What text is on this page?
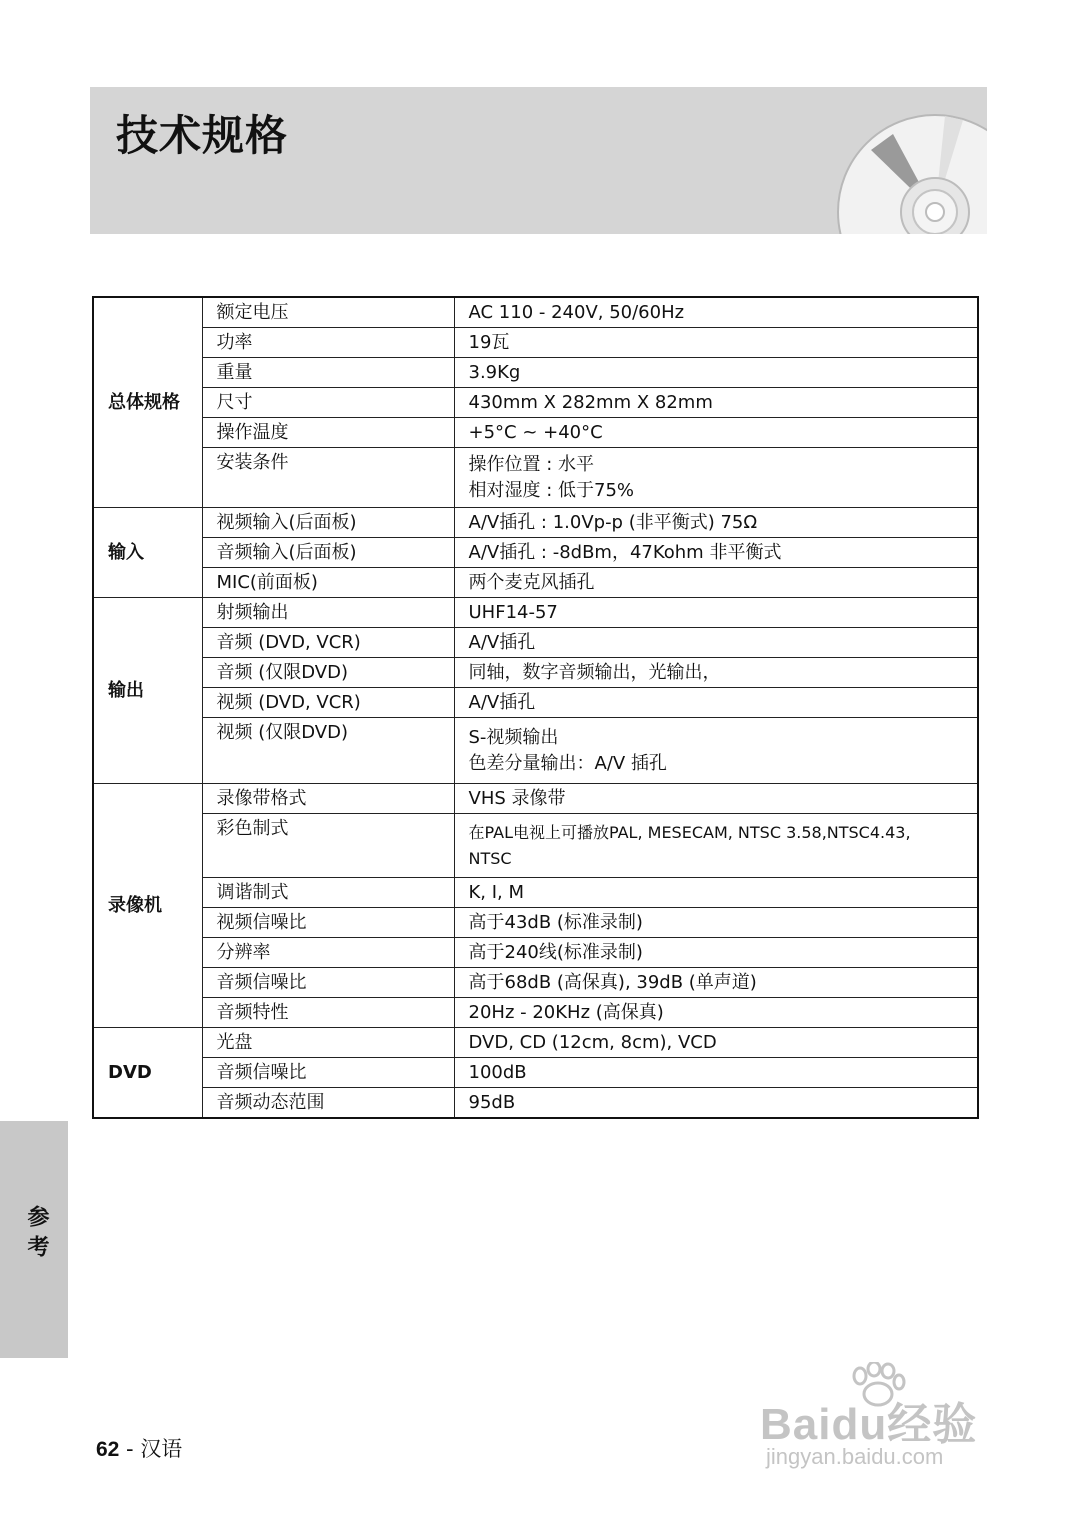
技术规格
总体规格	额定电压	AC 110 - 240V, 50/60Hz
	功率	19瓦
	重量	3.9Kg
	尺寸	430mm X 282mm X 82mm
	操作温度	+5°C ~ +40°C
	安装条件	操作位置 : 水平
相对湿度 : 低于75%

输入	视频输入(后面板)	A/V插孔 : 1.0Vp-p (非平衡式) 75Ω
	音频输入(后面板)	A/V插孔 : -8dBm，47Kohm 非平衡式
	MIC(前面板)	两个麦克风插孔
输出	射频输出	UHF14-57
	音频 (DVD, VCR)	A/V插孔
	音频 (仅限DVD)	同轴，数字音频输出，光输出，
	视频 (DVD, VCR)	A/V插孔
	视频 (仅限DVD)	S-视频输出
色差分量输出：A/V 插孔

录像机	录像带格式	VHS 录像带
	彩色制式	在PAL电视上可播放PAL, MESECAM, NTSC 3.58,NTSC4.43,
NTSC

	调谐制式	K, I, M
	视频信噪比	高于43dB (标准录制)
	分辨率	高于240线(标准录制)
	音频信噪比	高于68dB (高保真), 39dB (单声道)
	音频特性	20Hz - 20KHz (高保真)
DVD	光盘	DVD, CD (12cm, 8cm), VCD
	音频信噪比	100dB
	音频动态范围	95dB
参考
62 - 汉语	Baidu经验
jingyan.baidu.com
